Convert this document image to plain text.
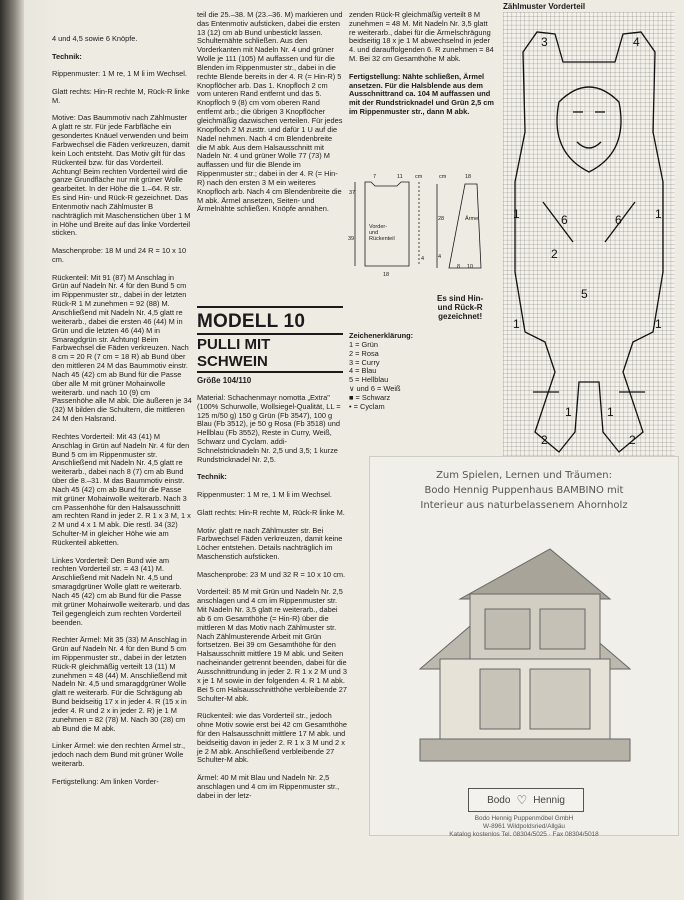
4 und 4,5 sowie 6 Knöpfe.

Technik:

Rippenmuster: 1 M re, 1 M li im Wechsel.

Glatt rechts: Hin-R rechte M, Rück-R linke M.

Motive: Das Baummotiv nach Zählmuster A glatt re str. Für jede Farbfläche ein gesondertes Knäuel verwenden und beim Farbwechsel die Fäden verkreuzen, damit kein Loch entsteht. Das Motiv gilt für das Rückenteil bzw. für das Vorderteil. Achtung! Beim rechten Vorderteil wird die ganze Grundfläche nur mit grüner Wolle gearbeitet. In der Höhe die 1.–64. R str. Es sind Hin- und Rück-R gezeichnet. Das Entenmotiv nach Zählmuster B nachträglich mit Maschenstichen über 1 M in Höhe und Breite auf das linke Vorderteil sticken.

Maschenprobe: 18 M und 24 R = 10 x 10 cm.

Rückenteil: Mit 91 (87) M Anschlag in Grün auf Nadeln Nr. 4 für den Bund 5 cm im Rippenmuster str., dabei in der letzten Rück-R 1 M zunehmen = 92 (88) M. Anschließend mit Nadeln Nr. 4,5 glatt re weiterarb., dabei die ersten 46 (44) M in Grün und die letzten 46 (44) M in Smaragdgrün str. Achtung! Beim Farbwechsel die Fäden verkreuzen. Nach 8 cm = 20 R (7 cm = 18 R) ab Bund über den mittleren 24 M das Baummotiv einstr. Nach 45 (42) cm ab Bund für die Passe über alle M mit grüner Mohairwolle weiterarb. und nach 10 (9) cm Passenhöhe alle M abk. Die äußeren je 34 (32) M bilden die Schultern, die mittleren 24 M den Halsrand.

Rechtes Vorderteil: Mit 43 (41) M Anschlag in Grün auf Nadeln Nr. 4 für den Bund 5 cm im Rippenmuster str. Anschließend mit Nadeln Nr. 4,5 glatt re weiterarb., dabei nach 8 (7) cm ab Bund über die 8.–31. M das Baummotiv einstr. Nach 45 (42) cm ab Bund für die Passe mit grüner Mohairwolle weiterarb. Nach 3 cm Passenhöhe für den Halsausschnitt am rechten Rand in jeder 2. R 1 x 3 M, 1 x 2 M und 4 x 1 M abk. Die restl. 34 (32) Schulter-M in gleicher Höhe wie am Rückenteil abketten.

Linkes Vorderteil: Den Bund wie am rechten Vorderteil str. = 43 (41) M. Anschließend mit Nadeln Nr. 4,5 und smaragdgrüner Wolle glatt re weiterarb. Nach 45 (42) cm ab Bund für die Passe mit grüner Mohairwolle weiterarb. und das Teil gegengleich zum rechten Vorderteil beenden.

Rechter Ärmel: Mit 35 (33) M Anschlag in Grün auf Nadeln Nr. 4 für den Bund 5 cm im Rippenmuster str., dabei in der letzten Rück-R gleichmäßig verteilt 13 (11) M zunehmen = 48 (44) M. Anschließend mit Nadeln Nr. 4,5 und smaragdgrüner Wolle glatt re weiterarb. Für die Schrägung ab Bund beidseitig 17 x in jeder 4. R (15 x in jeder 4. R und 2 x in jeder 2. R) je 1 M zunehmen = 82 (78) M. Nach 30 (28) cm ab Bund die M abk.

Linker Ärmel: wie den rechten Ärmel str., jedoch nach dem Bund mit grüner Wolle weiterarb.

Fertigstellung: Am linken Vorder-

teil die 25.–38. M (23.–36. M) markieren und das Entenmotiv aufsticken, dabei die ersten 13 (12) cm ab Bund unbestickt lassen. Schulternähte schließen. Aus den Vorderkanten mit Nadeln Nr. 4 und grüner Wolle je 111 (105) M auffassen und für die Blenden im Rippenmuster str., dabei in die rechte Blende bereits in der 4. R (= Hin-R) 5 Knopflöcher arb. Das 1. Knopfloch 2 cm vom unteren Rand entfernt und das 5. Knopfloch 9 (8) cm vom oberen Rand entfernt arb.; die übrigen 3 Knopflöcher gleichmäßig dazwischen verteilen. Für jedes Knopfloch 2 M zusttr. und dafür 1 U auf die Nadel nehmen. Nach 4 cm Blendenbreite die M abk. Aus dem Halsausschnitt mit Nadeln Nr. 4 und grüner Wolle 77 (73) M auffassen und für die Blende im Rippenmuster str.; dabei in der 4. R (= Hin-R) nach den ersten 3 M ein weiteres Knopfloch arb. Nach 4 cm Blendenbreite die M abk. Ärmel ansetzen, Seiten- und Ärmelnähte schließen. Knöpfe annähen.

MODELL 10
PULLI MIT
SCHWEIN
Größe 104/110

Material: Schachenmayr nomotta „Extra" (100% Schurwolle, Wollsiegel-Qualität, LL = 125 m/50 g) 150 g Grün (Fb 3547), 100 g Blau (Fb 3512), je 50 g Rosa (Fb 3518) und Hellblau (Fb 3552), Reste in Curry, Weiß, Schwarz und Cyclam. addi-Schnelstricknadeln Nr. 2,5 und 3,5; 1 kurze Rundstricknadel Nr. 2,5.

Technik:

Rippenmuster: 1 M re, 1 M li im Wechsel.

Glatt rechts: Hin-R rechte M, Rück-R linke M.

Motiv: glatt re nach Zählmuster str. Bei Farbwechsel Fäden verkreuzen, damit keine Löcher entstehen. Details nachträglich im Maschenstich aufsticken.

Maschenprobe: 23 M und 32 R = 10 x 10 cm.

Vorderteil: 85 M mit Grün und Nadeln Nr. 2,5 anschlagen und 4 cm im Rippenmuster str. Mit Nadeln Nr. 3,5 glatt re weiterarb., dabei ab 6 cm Gesamthöhe (= Hin-R) über die mittleren M das Motiv nach Zählmuster str. Nach Zählmusterende Arbeit mit Grün fortsetzen. Bei 39 cm Gesamthöhe für den Halsausschnitt mittlere 19 M abk. und Seiten nacheinander getrennt beenden, dabei für die Ausschnittrundung in jeder 2. R 1 x 2 M und 3 x je 1 M sowie in der folgenden 4. R 1 M abk. Bei 5 cm Halsausschnitthöhe verbleibende 27 Schulter-M abk.

Rückenteil: wie das Vorderteil str., jedoch ohne Motiv sowie erst bei 42 cm Gesamthöhe für den Halsausschnitt mittlere 17 M abk. und beidseitig davon in jeder 2. R 1 x 3 M und 2 x je 2 M abk. Anschließend verbleibende 27 Schulter-M abk.

Ärmel: 40 M mit Blau und Nadeln Nr. 2,5 anschlagen und 4 cm im Rippenmuster str., dabei in der letz-

zenden Rück-R gleichmäßig verteilt 8 M zunehmen = 48 M. Mit Nadeln Nr. 3,5 glatt re weiterarb., dabei für die Ärmelschrägung beidseitig 18 x je 1 M abwechselnd in jeder 4. und darauffolgenden 6. R zunehmen = 84 M. Bei 32 cm Gesamthöhe M abk.

Fertigstellung: Nähte schließen, Ärmel ansetzen. Für die Halsblende aus dem Ausschnittrand ca. 104 M auffassen und mit der Rundstricknadel und Grün 2,5 cm im Rippenmuster str., dann M abk.

Vorder-
und
Rückenteil
Ärmel
7	11
39
4
37
18
cm	18
28
4
8 10
cm
Es sind Hin-
und Rück-R
gezeichnet!
Zeichenerklärung:
1 = Grün
2 = Rosa
3 = Curry
4 = Blau
5 = Hellblau
∨ und 6 = Weiß
■ = Schwarz
• = Cyclam
Zählmuster Vorderteil
3	4
1	6	6	1
5
2
1	1
1	1
2	2
Zum Spielen, Lernen und Träumen:
Bodo Hennig Puppenhaus BAMBINO mit
Interieur aus naturbelassenem Ahornholz
Bodo ♡ Hennig
Bodo Hennig Puppenmöbel GmbH
W-8961 Wildpoldsried/Allgäu
Katalog kostenlos Tel. 08304/5025 · Fax 08304/5018
